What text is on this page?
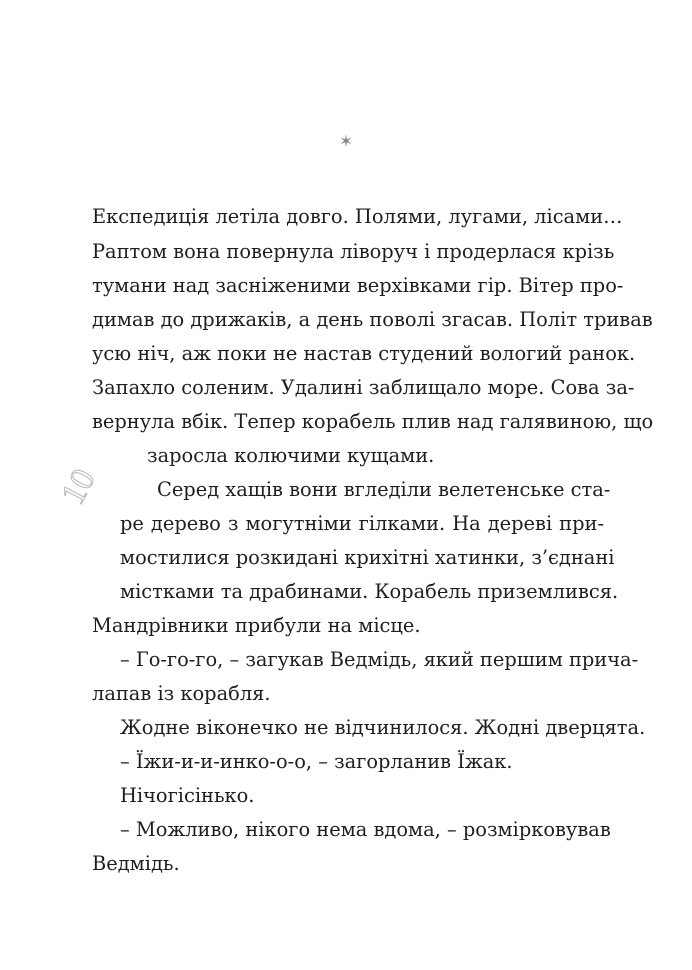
✶
10
Експедиція летіла довго. Полями, лугами, лісами…
Раптом вона повернула ліворуч і продерлася крізь
тумани над засніженими верхівками гір. Вітер про-
димав до дрижаків, а день поволі згасав. Політ тривав
усю ніч, аж поки не настав студений вологий ранок.
Запахло соленим. Удалині заблищало море. Сова за-
вернула вбік. Тепер корабель плив над галявиною, що
заросла колючими кущами.
Серед хащів вони вгледіли велетенське ста-
ре дерево з могутніми гілками. На дереві при-
мостилися розкидані крихітні хатинки, з’єднані
містками та драбинами. Корабель приземлився.
Мандрівники прибули на місце.
– Го-го-го, – загукав Ведмідь, який першим прича-
лапав із корабля.
Жодне віконечко не відчинилося. Жодні дверцята.
– Їжи-и-и-инко-о-о, – загорланив Їжак.
Нічогісінько.
– Можливо, нікого нема вдома, – розмірковував
Ведмідь.
